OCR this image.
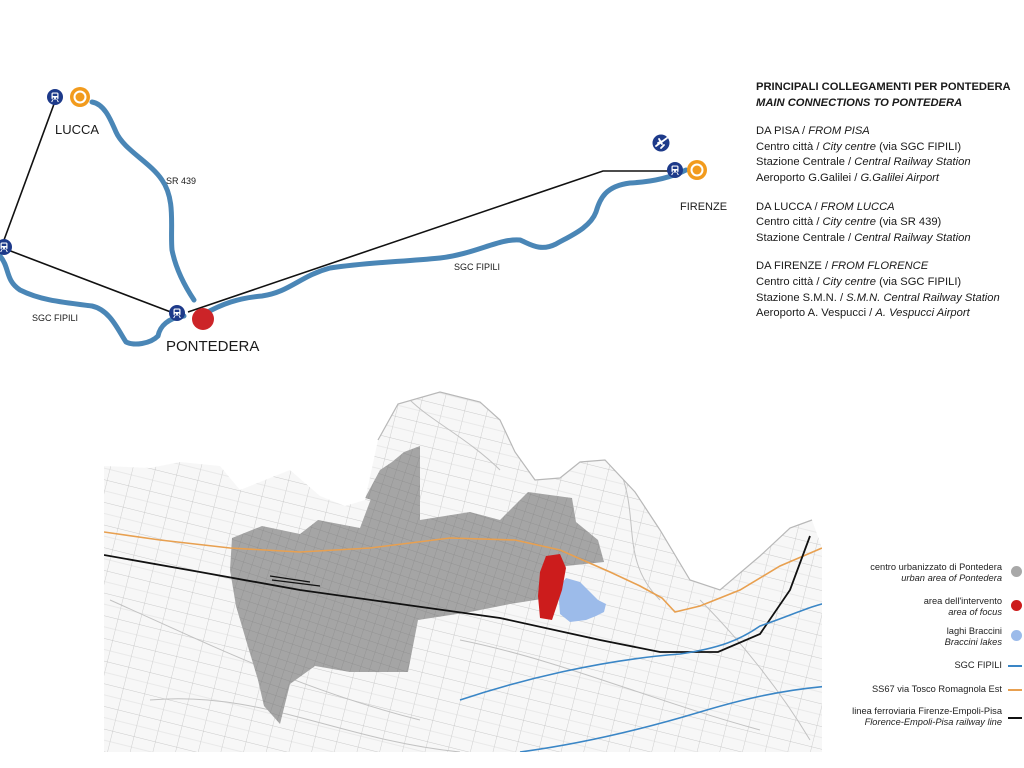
LUCCA
FIRENZE
PONTEDERA
SR 439
SGC FIPILI
SGC FIPILI
PRINCIPALI COLLEGAMENTI PER PONTEDERA
MAIN CONNECTIONS TO PONTEDERA
DA PISA / FROM PISA
Centro città / City centre (via SGC FIPILI)
Stazione Centrale / Central Railway Station
Aeroporto G.Galilei / G.Galilei Airport
DA LUCCA / FROM LUCCA
Centro città / City centre (via SR 439)
Stazione Centrale / Central Railway Station
DA FIRENZE / FROM FLORENCE
Centro città / City centre (via SGC FIPILI)
Stazione S.M.N. / S.M.N. Central Railway Station
Aeroporto A. Vespucci / A. Vespucci Airport
centro urbanizzato di Pontedera
urban area of Pontedera
area dell'intervento
area of focus
laghi Braccini
Braccini lakes
SGC FIPILI
SS67 via Tosco Romagnola Est
linea ferroviaria Firenze-Empoli-Pisa
Florence-Empoli-Pisa railway line
